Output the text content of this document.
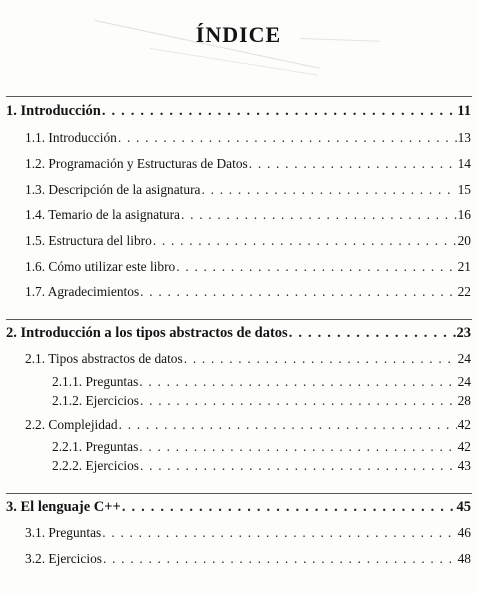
ÍNDICE
1. Introducción . . .	11
1.1. Introducción . . .	13
1.2. Programación y Estructuras de Datos . . .	14
1.3. Descripción de la asignatura . . .	15
1.4. Temario de la asignatura . . .	16
1.5. Estructura del libro . . .	20
1.6. Cómo utilizar este libro . . .	21
1.7. Agradecimientos . . .	22
2. Introducción a los tipos abstractos de datos . . .	23
2.1. Tipos abstractos de datos . . .	24
2.1.1. Preguntas . . .	24
2.1.2. Ejercicios . . .	28
2.2. Complejidad . . .	42
2.2.1. Preguntas . . .	42
2.2.2. Ejercicios . . .	43
3. El lenguaje C++ . . .	45
3.1. Preguntas . . .	46
3.2. Ejercicios . . .	48
